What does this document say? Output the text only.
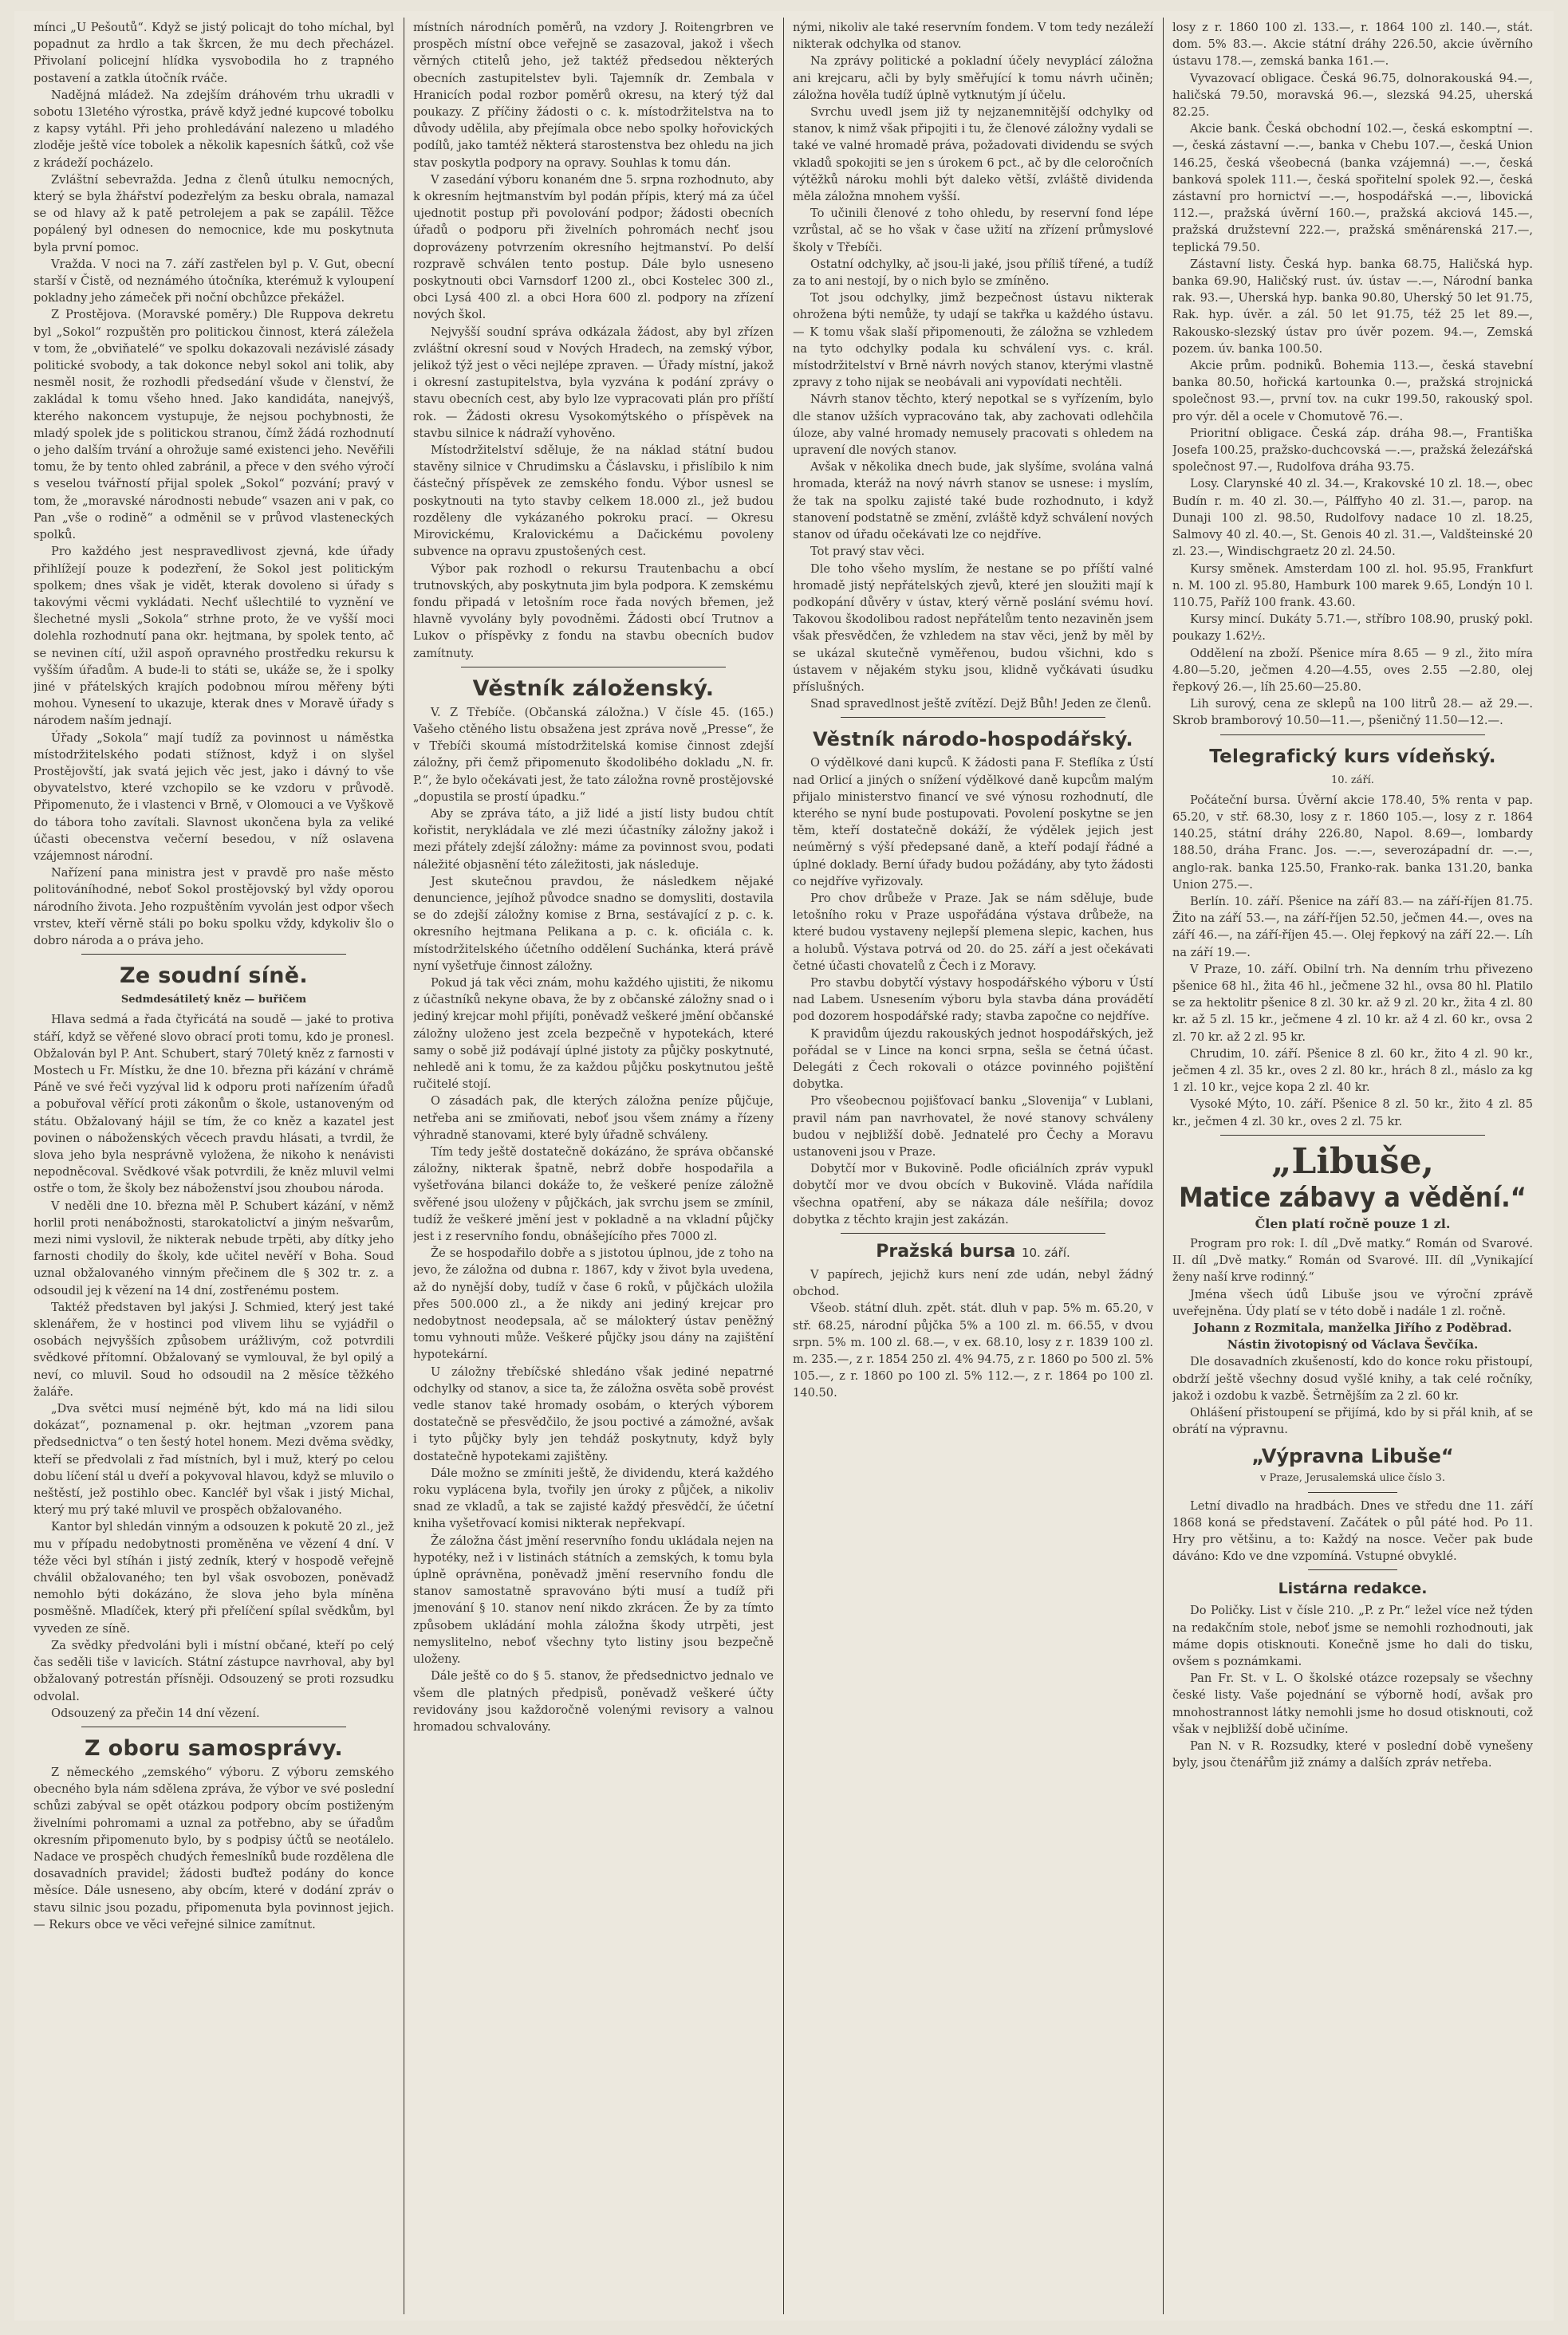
mínci „U Pešoutů“. Když se jistý policajt do toho míchal, byl popadnut za hrdlo a tak škrcen, že mu dech přecházel. Přivolaní policejní hlídka vysvobodila ho z trapného postavení a zatkla útočník rváče.

Nadějná mládež. Na zdejším dráhovém trhu ukradli v sobotu 13letého výrostka, právě když jedné kupcové tobolku z kapsy vytáhl. Při jeho prohledávání nalezeno u mladého zloděje ještě více tobolek a několik kapesních šátků, což vše z krádeží pocházelo.

Zvláštní sebevražda. Jedna z členů útulku nemocných, který se byla žhářství podezřelým za besku obrala, namazal se od hlavy až k patě petrolejem a pak se zapálil. Těžce popálený byl odnesen do nemocnice, kde mu poskytnuta byla první pomoc.

Vražda. V noci na 7. září zastřelen byl p. V. Gut, obecní starší v Čistě, od neznámého útočníka, kterémuž k vyloupení pokladny jeho zámeček při noční obchůzce překážel.

Z Prostějova. (Moravské poměry.) Dle Ruppova dekretu byl „Sokol“ rozpuštěn pro politickou činnost, která záležela v tom, že „obviňatelé“ ve spolku dokazovali nezávislé zásady politické svobody, a tak dokonce nebyl sokol ani tolik, aby nesměl nosit, že rozhodli předsedání všude v členství, že zakládal k tomu všeho hned. Jako kandidáta, nanejvýš, kterého nakoncem vystupuje, že nejsou pochybnosti, že mladý spolek jde s politickou stranou, čímž žádá rozhodnutí o jeho dalším trvání a ohrožuje samé existenci jeho. Nevěřili tomu, že by tento ohled zabránil, a přece v den svého výročí s veselou tvářností přijal spolek „Sokol“ pozvání; pravý v tom, že „moravské národnosti nebude“ vsazen ani v pak, co Pan „vše o rodině“ a odměnil se v průvod vlasteneckých spolků.

Pro každého jest nespravedlivost zjevná, kde úřady přihlížejí pouze k podezření, že Sokol jest politickým spolkem; dnes však je vidět, kterak dovoleno si úřady s takovými věcmi vykládati. Nechť ušlechtilé to vyznění ve šlechetné mysli „Sokola“ strhne proto, že ve vyšší moci dolehla rozhodnutí pana okr. hejtmana, by spolek tento, ač se nevinen cítí, užil aspoň opravného prostředku rekursu k vyšším úřadům. A bude-li to státi se, ukáže se, že i spolky jiné v přátelských krajích podobnou mírou měřeny býti mohou. Vynesení to ukazuje, kterak dnes v Moravě úřady s národem naším jednají.

Úřady „Sokola“ mají tudíž za povinnost u náměstka místodržitelského podati stížnost, když i on slyšel Prostějovští, jak svatá jejich věc jest, jako i dávný to vše obyvatelstvo, které vzchopilo se ke vzdoru v průvodě. Připomenuto, že i vlastenci v Brně, v Olomouci a ve Vyškově do tábora toho zavítali. Slavnost ukončena byla za veliké účasti obecenstva večerní besedou, v níž oslavena vzájemnost národní.

Nařízení pana ministra jest v pravdě pro naše město politováníhodné, neboť Sokol prostějovský byl vždy oporou národního života. Jeho rozpuštěním vyvolán jest odpor všech vrstev, kteří věrně stáli po boku spolku vždy, kdykoliv šlo o dobro národa a o práva jeho.

Ze soudní síně.
Sedmdesátiletý kněz — buřičem

Hlava sedmá a řada čtyřicátá na soudě — jaké to protiva stáří, když se věřené slovo obrací proti tomu, kdo je pronesl. Obžalován byl P. Ant. Schubert, starý 70letý kněz z farnosti v Mostech u Fr. Místku, že dne 10. března při kázání v chrámě Páně ve své řeči vyzýval lid k odporu proti nařízením úřadů a pobuřoval věřící proti zákonům o škole, ustanoveným od státu. Obžalovaný hájil se tím, že co kněz a kazatel jest povinen o náboženských věcech pravdu hlásati, a tvrdil, že slova jeho byla nesprávně vyložena, že nikoho k nenávisti nepodněcoval. Svědkové však potvrdili, že kněz mluvil velmi ostře o tom, že školy bez náboženství jsou zhoubou národa.

V neděli dne 10. března měl P. Schubert kázání, v němž horlil proti nenábožnosti, starokatolictví a jiným nešvarům, mezi nimi vyslovil, že nikterak nebude trpěti, aby dítky jeho farnosti chodily do školy, kde učitel nevěří v Boha. Soud uznal obžalovaného vinným přečinem dle § 302 tr. z. a odsoudil jej k vězení na 14 dní, zostřenému postem.

Taktéž představen byl jakýsi J. Schmied, který jest také sklenářem, že v hostinci pod vlivem lihu se vyjádřil o osobách nejvyšších způsobem urážlivým, což potvrdili svědkové přítomní. Obžalovaný se vymlouval, že byl opilý a neví, co mluvil. Soud ho odsoudil na 2 měsíce těžkého žaláře.

„Dva světci musí nejméně být, kdo má na lidi silou dokázat“, poznamenal p. okr. hejtman „vzorem pana předsednictva“ o ten šestý hotel honem. Mezi dvěma svědky, kteří se předvolali z řad místních, byl i muž, který po celou dobu líčení stál u dveří a pokyvoval hlavou, když se mluvilo o neštěstí, jež postihlo obec. Kancléř byl však i jistý Michal, který mu prý také mluvil ve prospěch obžalovaného.

Kantor byl shledán vinným a odsouzen k pokutě 20 zl., jež mu v případu nedobytnosti proměněna ve vězení 4 dní. V téže věci byl stíhán i jistý zedník, který v hospodě veřejně chválil obžalovaného; ten byl však osvobozen, poněvadž nemohlo býti dokázáno, že slova jeho byla míněna posměšně. Mladíček, který při přelíčení spílal svědkům, byl vyveden ze síně.

Za svědky předvoláni byli i místní občané, kteří po celý čas seděli tiše v lavicích. Státní zástupce navrhoval, aby byl obžalovaný potrestán přísněji. Odsouzený se proti rozsudku odvolal.

Odsouzený za přečin 14 dní vězení.

Z oboru samosprávy.

Z německého „zemského“ výboru. Z výboru zemského obecného byla nám sdělena zpráva, že výbor ve své poslední schůzi zabýval se opět otázkou podpory obcím postiženým živelními pohromami a uznal za potřebno, aby se úřadům okresním připomenuto bylo, by s podpisy účtů se neotálelo. Nadace ve prospěch chudých řemeslníků bude rozdělena dle dosavadních pravidel; žádosti buďtež podány do konce měsíce. Dále usneseno, aby obcím, které v dodání zpráv o stavu silnic jsou pozadu, připomenuta byla povinnost jejich. — Rekurs obce ve věci veřejné silnice zamítnut.

místních národních poměrů, na vzdory J. Roitengrbren ve prospěch místní obce veřejně se zasazoval, jakož i všech věrných ctitelů jeho, jež taktéž předsedou některých obecních zastupitelstev byli. Tajemník dr. Zembala v Hranicích podal rozbor poměrů okresu, na který týž dal poukazy. Z příčiny žádosti o c. k. místodržitelstva na to důvody udělila, aby přejímala obce nebo spolky hořovických podílů, jako tamtéž některá starostenstva bez ohledu na jich stav poskytla podpory na opravy. Souhlas k tomu dán.

V zasedání výboru konaném dne 5. srpna rozhodnuto, aby k okresním hejtmanstvím byl podán přípis, který má za účel ujednotit postup při povolování podpor; žádosti obecních úřadů o podporu při živelních pohromách nechť jsou doprovázeny potvrzením okresního hejtmanství. Po delší rozpravě schválen tento postup. Dále bylo usneseno poskytnouti obci Varnsdorf 1200 zl., obci Kostelec 300 zl., obci Lysá 400 zl. a obci Hora 600 zl. podpory na zřízení nových škol.

Nejvyšší soudní správa odkázala žádost, aby byl zřízen zvláštní okresní soud v Nových Hradech, na zemský výbor, jelikož týž jest o věci nejlépe zpraven. — Úřady místní, jakož i okresní zastupitelstva, byla vyzvána k podání zprávy o stavu obecních cest, aby bylo lze vypracovati plán pro příští rok. — Žádosti okresu Vysokomýtského o příspěvek na stavbu silnice k nádraží vyhověno.

Místodržitelství sděluje, že na náklad státní budou stavěny silnice v Chrudimsku a Čáslavsku, i přislíbilo k nim částečný příspěvek ze zemského fondu. Výbor usnesl se poskytnouti na tyto stavby celkem 18.000 zl., jež budou rozděleny dle vykázaného pokroku prací. — Okresu Mirovickému, Kralovickému a Dačickému povoleny subvence na opravu zpustošených cest.

Výbor pak rozhodl o rekursu Trautenbachu a obcí trutnovských, aby poskytnuta jim byla podpora. K zemskému fondu připadá v letošním roce řada nových břemen, jež hlavně vyvolány byly povodněmi. Žádosti obcí Trutnov a Lukov o příspěvky z fondu na stavbu obecních budov zamítnuty.

Věstník záloženský.

V. Z Třebíče. (Občanská záložna.) V čísle 45. (165.) Vašeho ctěného listu obsažena jest zpráva nově „Presse“, že v Třebíči skoumá místodržitelská komise činnost zdejší záložny, při čemž připomenuto škodolibého dokladu „N. fr. P.“, že bylo očekávati jest, že tato záložna rovně prostějovské „dopustila se prostí úpadku.“

Aby se zpráva táto, a již lidé a jistí listy budou chtít kořistit, nerykládala ve zlé mezi účastníky záložny jakož i mezi přátely zdejší záložny: máme za povinnost svou, podati náležité objasnění této záležitosti, jak následuje.

Jest skutečnou pravdou, že následkem nějaké denuncience, jejíhož původce snadno se domysliti, dostavila se do zdejší záložny komise z Brna, sestávající z p. c. k. okresního hejtmana Pelikana a p. c. k. oficiála c. k. místodržitelského účetního oddělení Suchánka, která právě nyní vyšetřuje činnost záložny.

Pokud já tak věci znám, mohu každého ujistiti, že nikomu z účastníků nekyne obava, že by z občanské záložny snad o i jediný krejcar mohl přijíti, poněvadž veškeré jmění občanské záložny uloženo jest zcela bezpečně v hypotekách, které samy o sobě již podávají úplné jistoty za půjčky poskytnuté, nehledě ani k tomu, že za každou půjčku poskytnutou ještě ručitelé stojí.

O zásadách pak, dle kterých záložna peníze půjčuje, netřeba ani se zmiňovati, neboť jsou všem známy a řízeny výhradně stanovami, které byly úřadně schváleny.

Tím tedy ještě dostatečně dokázáno, že správa občanské záložny, nikterak špatně, nebrž dobře hospodařila a vyšetřována bilanci dokáže to, že veškeré peníze záložně svěřené jsou uloženy v půjčkách, jak svrchu jsem se zmínil, tudíž že veškeré jmění jest v pokladně a na vkladní půjčky jest i z reservního fondu, obnášejícího přes 7000 zl.

Že se hospodařilo dobře a s jistotou úplnou, jde z toho na jevo, že záložna od dubna r. 1867, kdy v život byla uvedena, až do nynější doby, tudíž v čase 6 roků, v půjčkách uložila přes 500.000 zl., a že nikdy ani jediný krejcar pro nedobytnost neodepsala, ač se málokterý ústav peněžný tomu vyhnouti může. Veškeré půjčky jsou dány na zajištění hypotekární.

U záložny třebíčské shledáno však jediné nepatrné odchylky od stanov, a sice ta, že záložna osvěta sobě provést vedle stanov také hromady osobám, o kterých výborem dostatečně se přesvědčilo, že jsou poctivé a zámožné, avšak i tyto půjčky byly jen tehdáž poskytnuty, když byly dostatečně hypotekami zajištěny.

Dále možno se zmíniti ještě, že dividendu, která každého roku vyplácena byla, tvořily jen úroky z půjček, a nikoliv snad ze vkladů, a tak se zajisté každý přesvědčí, že účetní kniha vyšetřovací komisi nikterak nepřekvapí.

Že záložna část jmění reservního fondu ukládala nejen na hypotéky, než i v listinách státních a zemských, k tomu byla úplně oprávněna, poněvadž jmění reservního fondu dle stanov samostatně spravováno býti musí a tudíž při jmenování § 10. stanov není nikdo zkrácen. Že by za tímto způsobem ukládání mohla záložna škody utrpěti, jest nemyslitelno, neboť všechny tyto listiny jsou bezpečně uloženy.

Dále ještě co do § 5. stanov, že předsednictvo jednalo ve všem dle platných předpisů, poněvadž veškeré účty revidovány jsou každoročně volenými revisory a valnou hromadou schvalovány.

nými, nikoliv ale také reservním fondem. V tom tedy nezáleží nikterak odchylka od stanov.

Na zprávy politické a pokladní účely nevyplácí záložna ani krejcaru, ačli by byly směřující k tomu návrh učiněn; záložna hověla tudíž úplně vytknutým jí účelu.

Svrchu uvedl jsem již ty nejzanemnitější odchylky od stanov, k nimž však připojiti i tu, že členové záložny vydali se také ve valné hromadě práva, požadovati dividendu se svých vkladů spokojiti se jen s úrokem 6 pct., ač by dle celoročních výtěžků nároku mohli být daleko větší, zvláště dividenda měla záložna mnohem vyšší.

To učinili členové z toho ohledu, by reservní fond lépe vzrůstal, ač se ho však v čase užití na zřízení průmyslové školy v Třebíči.

Ostatní odchylky, ač jsou-li jaké, jsou příliš tířené, a tudíž za to ani nestojí, by o nich bylo se zmíněno.

Tot jsou odchylky, jimž bezpečnost ústavu nikterak ohrožena býti nemůže, ty udají se takřka u každého ústavu. — K tomu však slaší připomenouti, že záložna se vzhledem na tyto odchylky podala ku schválení vys. c. král. místodržitelství v Brně návrh nových stanov, kterými vlastně zpravy z toho nijak se neobávali ani vypovídati nechtěli.

Návrh stanov těchto, který nepotkal se s vyřízením, bylo dle stanov užších vypracováno tak, aby zachovati odlehčila úloze, aby valné hromady nemusely pracovati s ohledem na upravení dle nových stanov.

Avšak v několika dnech bude, jak slyšíme, svolána valná hromada, kteráž na nový návrh stanov se usnese: i myslím, že tak na spolku zajisté také bude rozhodnuto, i když stanovení podstatně se změní, zvláště když schválení nových stanov od úřadu očekávati lze co nejdříve.

Tot pravý stav věci.

Dle toho všeho myslím, že nestane se po příští valné hromadě jistý nepřátelských zjevů, které jen sloužiti mají k podkopání důvěry v ústav, který věrně poslání svému hoví. Takovou škodolibou radost nepřátelům tento nezaviněn jsem však přesvědčen, že vzhledem na stav věci, jenž by měl by se ukázal skutečně vyměřenou, budou všichni, kdo s ústavem v nějakém styku jsou, klidně vyčkávati úsudku příslušných.

Snad spravedlnost ještě zvítězí. Dejž Bůh! Jeden ze členů.

Věstník národo-hospodářský.

O výdělkové dani kupců. K žádosti pana F. Steflíka z Ústí nad Orlicí a jiných o snížení výdělkové daně kupcům malým přijalo ministerstvo financí ve své výnosu rozhodnutí, dle kterého se nyní bude postupovati. Povolení poskytne se jen těm, kteří dostatečně dokáží, že výdělek jejich jest neúměrný s výší předepsané daně, a kteří podají řádné a úplné doklady. Berní úřady budou požádány, aby tyto žádosti co nejdříve vyřizovaly.

Pro chov drůbeže v Praze. Jak se nám sděluje, bude letošního roku v Praze uspořádána výstava drůbeže, na které budou vystaveny nejlepší plemena slepic, kachen, hus a holubů. Výstava potrvá od 20. do 25. září a jest očekávati četné účasti chovatelů z Čech i z Moravy.

Pro stavbu dobytčí výstavy hospodářského výboru v Ústí nad Labem. Usnesením výboru byla stavba dána provádětí pod dozorem hospodářské rady; stavba započne co nejdříve.

K pravidům újezdu rakouských jednot hospodářských, jež pořádal se v Lince na konci srpna, sešla se četná účast. Delegáti z Čech rokovali o otázce povinného pojištění dobytka.

Pro všeobecnou pojišťovací banku „Slovenija“ v Lublani, pravil nám pan navrhovatel, že nové stanovy schváleny budou v nejbližší době. Jednatelé pro Čechy a Moravu ustanoveni jsou v Praze.

Dobytčí mor v Bukovině. Podle oficiálních zpráv vypukl dobytčí mor ve dvou obcích v Bukovině. Vláda nařídila všechna opatření, aby se nákaza dále nešířila; dovoz dobytka z těchto krajin jest zakázán.

Pražská bursa 10. září.

V papírech, jejichž kurs není zde udán, nebyl žádný obchod.

Všeob. státní dluh. zpět. stát. dluh v pap. 5% m. 65.20, v stř. 68.25, národní půjčka 5% a 100 zl. m. 66.55, v dvou srpn. 5% m. 100 zl. 68.—, v ex. 68.10, losy z r. 1839 100 zl. m. 235.—, z r. 1854 250 zl. 4% 94.75, z r. 1860 po 500 zl. 5% 105.—, z r. 1860 po 100 zl. 5% 112.—, z r. 1864 po 100 zl. 140.50.

losy z r. 1860 100 zl. 133.—, r. 1864 100 zl. 140.—, stát. dom. 5% 83.—. Akcie státní dráhy 226.50, akcie úvěrního ústavu 178.—, zemská banka 161.—.

Vyvazovací obligace. Česká 96.75, dolnorakouská 94.—, haličská 79.50, moravská 96.—, slezská 94.25, uherská 82.25.

Akcie bank. Česká obchodní 102.—, česká eskomptní —.—, česká zástavní —.—, banka v Chebu 107.—, česká Union 146.25, česká všeobecná (banka vzájemná) —.—, česká banková spolek 111.—, česká spořitelní spolek 92.—, česká zástavní pro hornictví —.—, hospodářská —.—, libovická 112.—, pražská úvěrní 160.—, pražská akciová 145.—, pražská družstevní 222.—, pražská směnárenská 217.—, teplická 79.50.

Zástavní listy. Česká hyp. banka 68.75, Haličská hyp. banka 69.90, Haličský rust. úv. ústav —.—, Národní banka rak. 93.—, Uherská hyp. banka 90.80, Uherský 50 let 91.75, Rak. hyp. úvěr. a zál. 50 let 91.75, též 25 let 89.—, Rakousko-slezský ústav pro úvěr pozem. 94.—, Zemská pozem. úv. banka 100.50.

Akcie prům. podniků. Bohemia 113.—, česká stavební banka 80.50, hořická kartounka 0.—, pražská strojnická společnost 93.—, první tov. na cukr 199.50, rakouský spol. pro výr. děl a ocele v Chomutově 76.—.

Prioritní obligace. Česká záp. dráha 98.—, Františka Josefa 100.25, pražsko-duchcovská —.—, pražská železářská společnost 97.—, Rudolfova dráha 93.75.

Losy. Clarynské 40 zl. 34.—, Krakovské 10 zl. 18.—, obec Budín r. m. 40 zl. 30.—, Pálffyho 40 zl. 31.—, parop. na Dunaji 100 zl. 98.50, Rudolfovy nadace 10 zl. 18.25, Salmovy 40 zl. 40.—, St. Genois 40 zl. 31.—, Valdšteinské 20 zl. 23.—, Windischgraetz 20 zl. 24.50.

Kursy směnek. Amsterdam 100 zl. hol. 95.95, Frankfurt n. M. 100 zl. 95.80, Hamburk 100 marek 9.65, Londýn 10 l. 110.75, Paříž 100 frank. 43.60.

Kursy mincí. Dukáty 5.71.—, stříbro 108.90, pruský pokl. poukazy 1.62½.

Oddělení na zboží. Pšenice míra 8.65 — 9 zl., žito míra 4.80—5.20, ječmen 4.20—4.55, oves 2.55 —2.80, olej řepkový 26.—, líh 25.60—25.80.

Lih surový, cena ze sklepů na 100 litrů 28.— až 29.—. Skrob bramborový 10.50—11.—, pšeničný 11.50—12.—.

Telegrafický kurs vídeňský.
10. září.

Počáteční bursa. Úvěrní akcie 178.40, 5% renta v pap. 65.20, v stř. 68.30, losy z r. 1860 105.—, losy z r. 1864 140.25, státní dráhy 226.80, Napol. 8.69—, lombardy 188.50, dráha Franc. Jos. —.—, severozápadní dr. —.—, anglo-rak. banka 125.50, Franko-rak. banka 131.20, banka Union 275.—.

Berlín. 10. září. Pšenice na září 83.— na září-říjen 81.75. Žito na září 53.—, na září-říjen 52.50, ječmen 44.—, oves na září 46.—, na září-říjen 45.—. Olej řepkový na září 22.—. Líh na září 19.—.

V Praze, 10. září. Obilní trh. Na denním trhu přivezeno pšenice 68 hl., žita 46 hl., ječmene 32 hl., ovsa 80 hl. Platilo se za hektolitr pšenice 8 zl. 30 kr. až 9 zl. 20 kr., žita 4 zl. 80 kr. až 5 zl. 15 kr., ječmene 4 zl. 10 kr. až 4 zl. 60 kr., ovsa 2 zl. 70 kr. až 2 zl. 95 kr.

Chrudim, 10. září. Pšenice 8 zl. 60 kr., žito 4 zl. 90 kr., ječmen 4 zl. 35 kr., oves 2 zl. 80 kr., hrách 8 zl., máslo za kg 1 zl. 10 kr., vejce kopa 2 zl. 40 kr.

Vysoké Mýto, 10. září. Pšenice 8 zl. 50 kr., žito 4 zl. 85 kr., ječmen 4 zl. 30 kr., oves 2 zl. 75 kr.

„Libuše,
Matice zábavy a vědění.“
Člen platí ročně pouze 1 zl.

Program pro rok: I. díl „Dvě matky.“ Román od Svarové. II. díl „Dvě matky.“ Román od Svarové. III. díl „Vynikající ženy naší krve rodinný.“

Jména všech údů Libuše jsou ve výroční zprávě uveřejněna. Údy platí se v této době i nadále 1 zl. ročně.

Johann z Rozmitala, manželka Jiřího z Poděbrad. Nástin životopisný od Václava Ševčíka.

Dle dosavadních zkušeností, kdo do konce roku přistoupí, obdrží ještě všechny dosud vyšlé knihy, a tak celé ročníky, jakož i ozdobu k vazbě. Šetrnějším za 2 zl. 60 kr.

Ohlášení přistoupení se přijímá, kdo by si přál knih, ať se obrátí na výpravnu.

„Výpravna Libuše“
v Praze, Jerusalemská ulice číslo 3.

Letní divadlo na hradbách. Dnes ve středu dne 11. září 1868 koná se představení. Začátek o půl páté hod. Po 11. Hry pro většinu, a to: Každý na nosce. Večer pak bude dáváno: Kdo ve dne vzpomíná. Vstupné obvyklé.

Listárna redakce.

Do Poličky. List v čísle 210. „P. z Pr.“ ležel více než týden na redakčním stole, neboť jsme se nemohli rozhodnouti, jak máme dopis otisknouti. Konečně jsme ho dali do tisku, ovšem s poznámkami.

Pan Fr. St. v L. O školské otázce rozepsaly se všechny české listy. Vaše pojednání se výborně hodí, avšak pro mnohostrannost látky nemohli jsme ho dosud otisknouti, což však v nejbližší době učiníme.

Pan N. v R. Rozsudky, které v poslední době vynešeny byly, jsou čtenářům již známy a dalších zpráv netřeba.
